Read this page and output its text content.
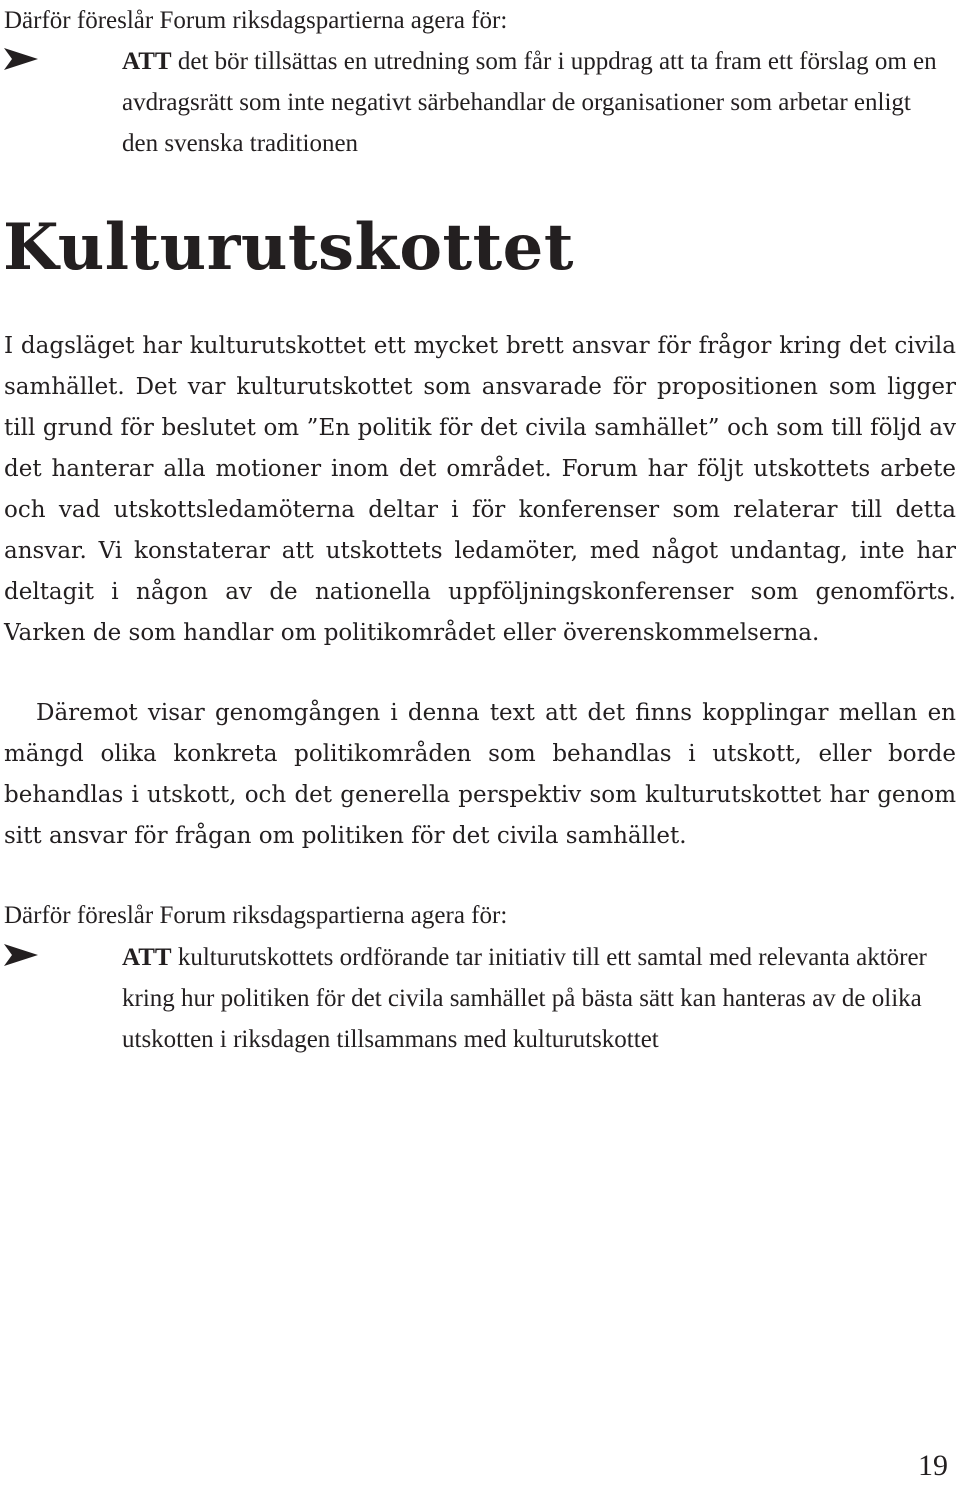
Därför föreslår Forum riksdagspartierna agera för:
ATT det bör tillsättas en utredning som får i uppdrag att ta fram ett förslag om en avdragsrätt som inte negativt särbehandlar de organisationer som arbetar enligt den svenska traditionen
Kulturutskottet

I dagsläget har kulturutskottet ett mycket brett ansvar för frågor kring det civila samhället. Det var kulturutskottet som ansvarade för propositionen som ligger till grund för beslutet om ”En politik för det civila samhället” och som till följd av det hanterar alla motioner inom det området. Forum har följt utskottets arbete och vad utskottsledamöterna deltar i för konferenser som relaterar till detta ansvar. Vi konstaterar att utskottets ledamöter, med något undantag, inte har deltagit i någon av de nationella uppföljningskonferenser som genomförts. Varken de som handlar om politikområdet eller överenskommelserna.

Däremot visar genomgången i denna text att det finns kopplingar mellan en mängd olika konkreta politikområden som behandlas i utskott, eller borde behandlas i utskott, och det generella perspektiv som kulturutskottet har genom sitt ansvar för frågan om politiken för det civila samhället.

Därför föreslår Forum riksdagspartierna agera för:
ATT kulturutskottets ordförande tar initiativ till ett samtal med relevanta aktörer kring hur politiken för det civila samhället på bästa sätt kan hanteras av de olika utskotten i riksdagen tillsammans med kulturutskottet
19
